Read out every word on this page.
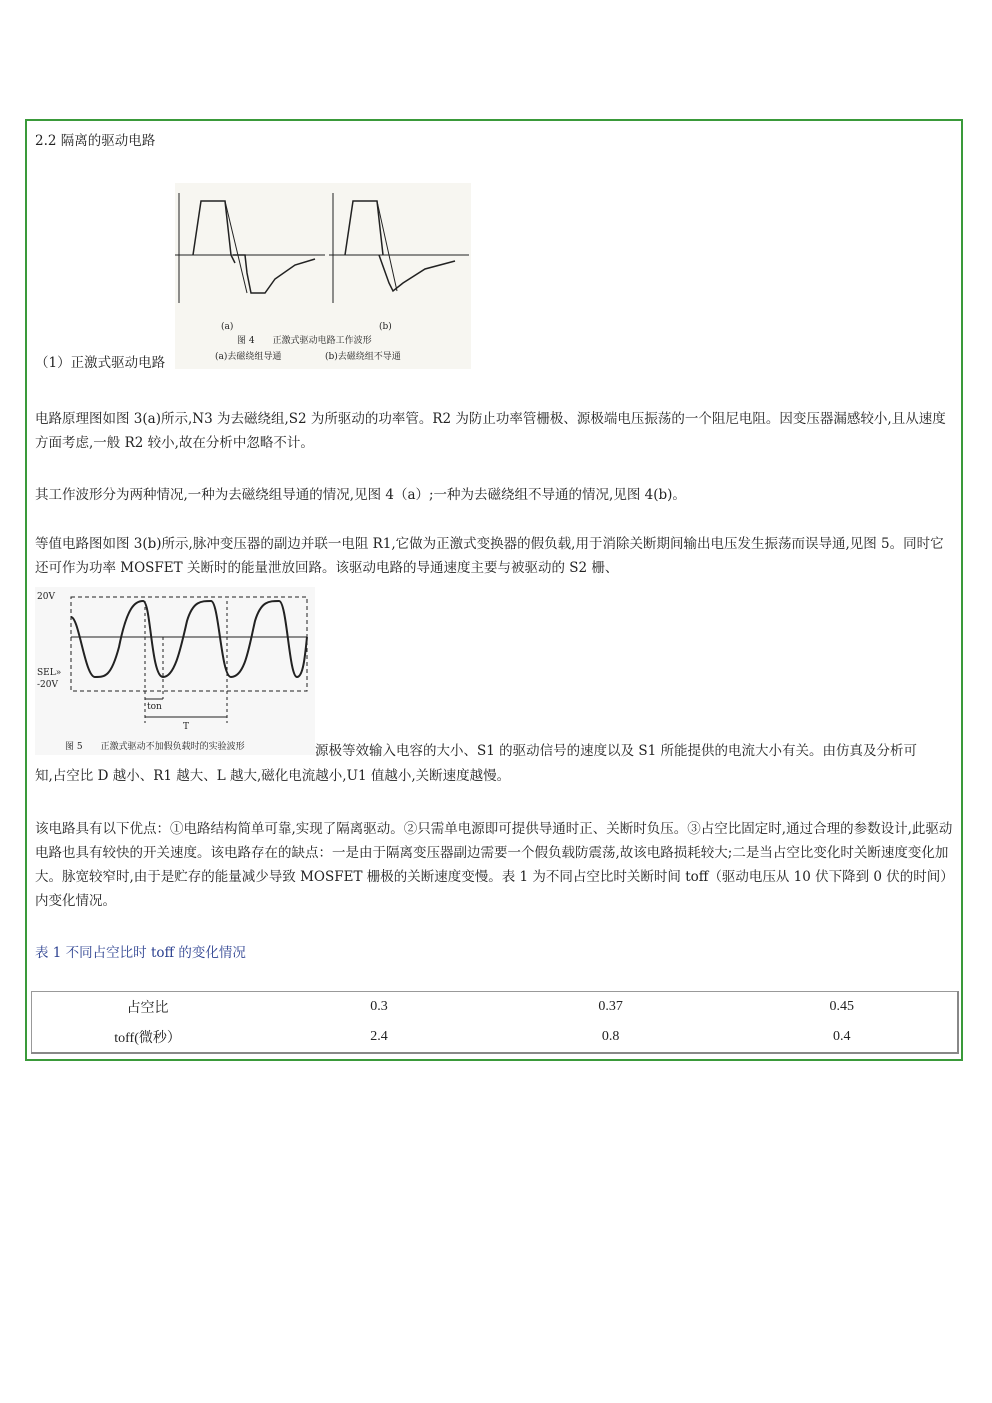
2.2 隔离的驱动电路
(a)	(b)
图 4　　正激式驱动电路工作波形
(a)去磁绕组导通	(b)去磁绕组不导通
（1）正激式驱动电路
电路原理图如图 3(a)所示,N3 为去磁绕组,S2 为所驱动的功率管。R2 为防止功率管栅极、源极端电压振荡的一个阻尼电阻。因变压器漏感较小,且从速度方面考虑,一般 R2 较小,故在分析中忽略不计。
其工作波形分为两种情况,一种为去磁绕组导通的情况,见图 4（a）;一种为去磁绕组不导通的情况,见图 4(b)。
等值电路图如图 3(b)所示,脉冲变压器的副边并联一电阻 R1,它做为正激式变换器的假负载,用于消除关断期间输出电压发生振荡而误导通,见图 5。同时它还可作为功率 MOSFET 关断时的能量泄放回路。该驱动电路的导通速度主要与被驱动的 S2 栅、
20V
SEL»
-20V
ton
T
图 5　　正激式驱动不加假负载时的实验波形	源极等效输入电容的大小、S1 的驱动信号的速度以及 S1 所能提供的电流大小有关。由仿真及分析可
知,占空比 D 越小、R1 越大、L 越大,磁化电流越小,U1 值越小,关断速度越慢。
该电路具有以下优点：①电路结构简单可靠,实现了隔离驱动。②只需单电源即可提供导通时正、关断时负压。③占空比固定时,通过合理的参数设计,此驱动电路也具有较快的开关速度。该电路存在的缺点：一是由于隔离变压器副边需要一个假负载防震荡,故该电路损耗较大;二是当占空比变化时关断速度变化加大。脉宽较窄时,由于是贮存的能量减少导致 MOSFET 栅极的关断速度变慢。表 1 为不同占空比时关断时间 toff（驱动电压从 10 伏下降到 0 伏的时间）内变化情况。
表 1 不同占空比时 toff 的变化情况
占空比	0.3	0.37	0.45
toff(微秒）	2.4	0.8	0.4
